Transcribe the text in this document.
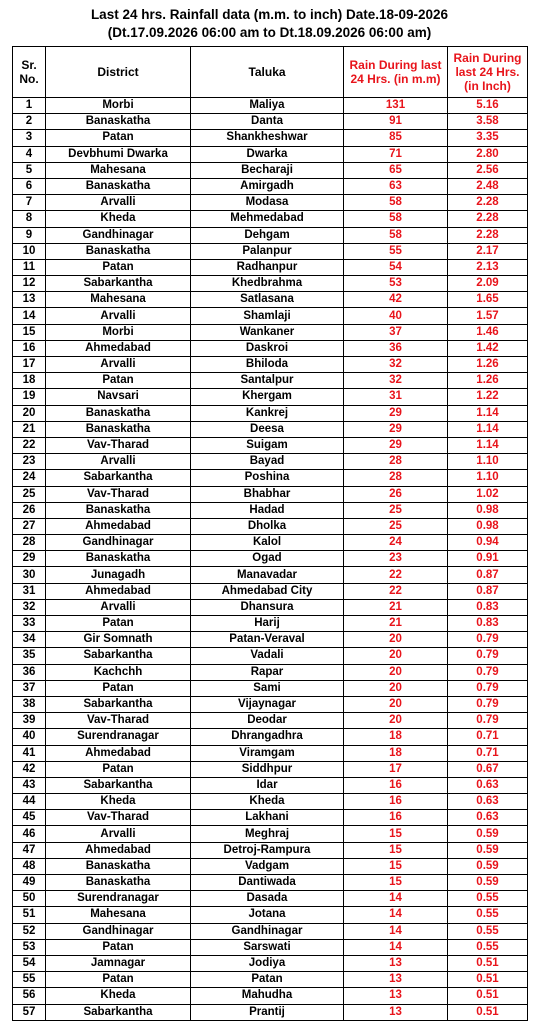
Last 24 hrs. Rainfall data (m.m. to inch) Date.18-09-2026
(Dt.17.09.2026 06:00 am to Dt.18.09.2026 06:00 am)
Sr. No.	District	Taluka	Rain During last 24 Hrs. (in m.m)	Rain During last 24 Hrs. (in Inch)

1	Morbi	Maliya	131	5.16
2	Banaskatha	Danta	91	3.58
3	Patan	Shankheshwar	85	3.35
4	Devbhumi Dwarka	Dwarka	71	2.80
5	Mahesana	Becharaji	65	2.56
6	Banaskatha	Amirgadh	63	2.48
7	Arvalli	Modasa	58	2.28
8	Kheda	Mehmedabad	58	2.28
9	Gandhinagar	Dehgam	58	2.28
10	Banaskatha	Palanpur	55	2.17
11	Patan	Radhanpur	54	2.13
12	Sabarkantha	Khedbrahma	53	2.09
13	Mahesana	Satlasana	42	1.65
14	Arvalli	Shamlaji	40	1.57
15	Morbi	Wankaner	37	1.46
16	Ahmedabad	Daskroi	36	1.42
17	Arvalli	Bhiloda	32	1.26
18	Patan	Santalpur	32	1.26
19	Navsari	Khergam	31	1.22
20	Banaskatha	Kankrej	29	1.14
21	Banaskatha	Deesa	29	1.14
22	Vav-Tharad	Suigam	29	1.14
23	Arvalli	Bayad	28	1.10
24	Sabarkantha	Poshina	28	1.10
25	Vav-Tharad	Bhabhar	26	1.02
26	Banaskatha	Hadad	25	0.98
27	Ahmedabad	Dholka	25	0.98
28	Gandhinagar	Kalol	24	0.94
29	Banaskatha	Ogad	23	0.91
30	Junagadh	Manavadar	22	0.87
31	Ahmedabad	Ahmedabad City	22	0.87
32	Arvalli	Dhansura	21	0.83
33	Patan	Harij	21	0.83
34	Gir Somnath	Patan-Veraval	20	0.79
35	Sabarkantha	Vadali	20	0.79
36	Kachchh	Rapar	20	0.79
37	Patan	Sami	20	0.79
38	Sabarkantha	Vijaynagar	20	0.79
39	Vav-Tharad	Deodar	20	0.79
40	Surendranagar	Dhrangadhra	18	0.71
41	Ahmedabad	Viramgam	18	0.71
42	Patan	Siddhpur	17	0.67
43	Sabarkantha	Idar	16	0.63
44	Kheda	Kheda	16	0.63
45	Vav-Tharad	Lakhani	16	0.63
46	Arvalli	Meghraj	15	0.59
47	Ahmedabad	Detroj-Rampura	15	0.59
48	Banaskatha	Vadgam	15	0.59
49	Banaskatha	Dantiwada	15	0.59
50	Surendranagar	Dasada	14	0.55
51	Mahesana	Jotana	14	0.55
52	Gandhinagar	Gandhinagar	14	0.55
53	Patan	Sarswati	14	0.55
54	Jamnagar	Jodiya	13	0.51
55	Patan	Patan	13	0.51
56	Kheda	Mahudha	13	0.51
57	Sabarkantha	Prantij	13	0.51
